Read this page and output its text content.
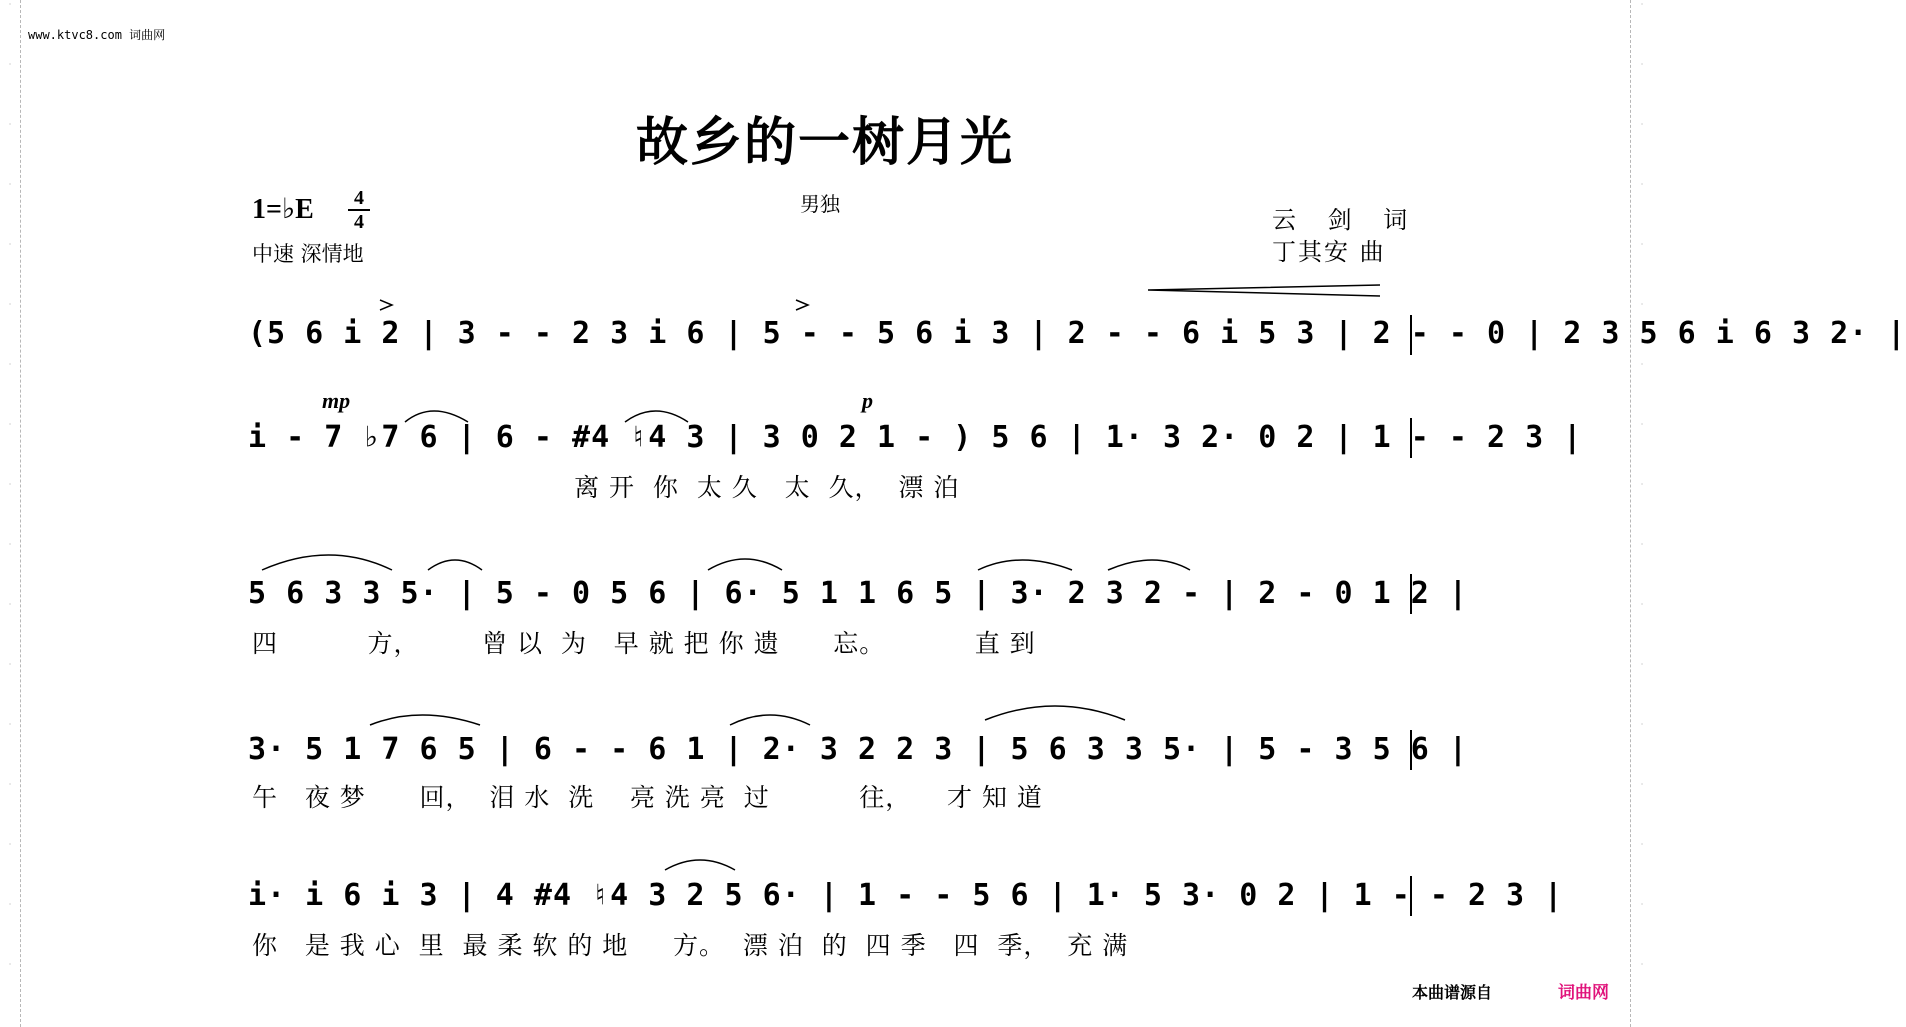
·
·
·
·
·
·
·
·
·
·
·
·
·
·
·
·
·
·
·
·
·
·
·
·
·
·
·
·
·
·
·
·
·
·
www.ktvc8.com 词曲网
故乡的一树月光
男独
1=♭E	4
4
中速 深情地
云 剑 词
丁其安 曲
(5 6 i 2 | 3 - - 2 3 i 6 | 5 - - 5 6 i 3 | 2 - - 6 i 5 3 | 2 - - 0 | 2 3 5 6 i 6 3 2· |
mp	p
i - 7 ♭7 6 | 6 - #4 ♮4 3 | 3 0 2 1 - ) 5 6 | 1· 3 2· 0 2 | 1 - - 2 3 |
离 开  你  太 久   太  久，  漂 泊
5 6 3 3 5· | 5 - 0 5 6 | 6· 5 1 1 6 5 | 3· 2 3 2 - | 2 - 0 1 2 |
四          方，       曾 以  为   早 就 把 你 遗      忘。          直 到
3· 5 1 7 6 5 | 6 - - 6 1 | 2· 3 2 2 3 | 5 6 3 3 5· | 5 - 3 5 6 |
午   夜 梦      回，  泪 水  洗    亮 洗 亮  过          往，    才 知 道
i· i 6 i 3 | 4 #4 ♮4 3 2 5 6· | 1 - - 5 6 | 1· 5 3· 0 2 | 1 - - 2 3 |
你   是 我 心  里  最 柔 软 的 地     方。  漂 泊  的  四 季   四  季，  充 满
本曲谱源自	词曲网
